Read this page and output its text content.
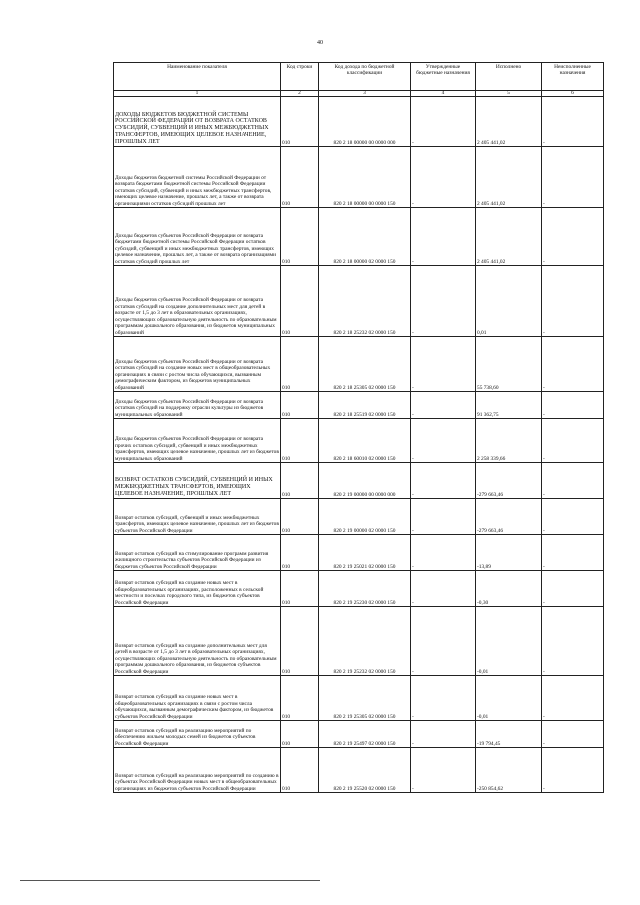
40
Наименование показателя	Код строки	Код дохода по бюджетной классификации	Утвержденные бюджетные назначения	Исполнено	Неисполненные назначения
1	2	3	4	5	6
ДОХОДЫ БЮДЖЕТОВ БЮДЖЕТНОЙ СИСТЕМЫ РОССИЙСКОЙ ФЕДЕРАЦИИ ОТ ВОЗВРАТА ОСТАТКОВ СУБСИДИЙ, СУБВЕНЦИЙ И ИНЫХ МЕЖБЮДЖЕТНЫХ ТРАНСФЕРТОВ, ИМЕЮЩИХ ЦЕЛЕВОЕ НАЗНАЧЕНИЕ, ПРОШЛЫХ ЛЕТ	010	820 2 18 00000 00 0000 000	-	2 405 441,02	-
Доходы бюджетов бюджетной системы Российской Федерации от возврата бюджетами бюджетной системы Российской Федерации остатков субсидий, субвенций и иных межбюджетных трансфертов, имеющих целевое назначение, прошлых лет, а также от возврата организациями остатков субсидий прошлых лет	010	820 2 18 00000 00 0000 150	-	2 405 441,02	-
Доходы бюджетов субъектов Российской Федерации от возврата бюджетами бюджетной системы Российской Федерации остатков субсидий, субвенций и иных межбюджетных трансфертов, имеющих целевое назначение, прошлых лет, а также от возврата организациями остатков субсидий прошлых лет	010	820 2 18 00000 02 0000 150	-	2 405 441,02	-
Доходы бюджетов субъектов Российской Федерации от возврата остатков субсидий на создание дополнительных мест для детей в возрасте от 1,5 до 3 лет в образовательных организациях, осуществляющих образовательную деятельность по образовательным программам дошкольного образования, из бюджетов муниципальных образований	010	820 2 18 25232 02 0000 150	-	0,01	-
Доходы бюджетов субъектов Российской Федерации от возврата остатков субсидий на создание новых мест в общеобразовательных организациях в связи с ростом числа обучающихся, вызванным демографическим фактором, из бюджетов муниципальных образований	010	820 2 18 25305 02 0000 150	-	55 738,60	-
Доходы бюджетов субъектов Российской Федерации от возврата остатков субсидий на поддержку отрасли культуры из бюджетов муниципальных образований	010	820 2 18 25519 02 0000 150	-	91 362,75	-
Доходы бюджетов субъектов Российской Федерации от возврата прочих остатков субсидий, субвенций и иных межбюджетных трансфертов, имеющих целевое назначение, прошлых лет из бюджетов муниципальных образований	010	820 2 18 60010 02 0000 150	-	2 258 339,66	-
ВОЗВРАТ ОСТАТКОВ СУБСИДИЙ, СУБВЕНЦИЙ И ИНЫХ МЕЖБЮДЖЕТНЫХ ТРАНСФЕРТОВ, ИМЕЮЩИХ ЦЕЛЕВОЕ НАЗНАЧЕНИЕ, ПРОШЛЫХ ЛЕТ	010	820 2 19 00000 00 0000 000	-	-279 663,46	-
Возврат остатков субсидий, субвенций и иных межбюджетных трансфертов, имеющих целевое назначение, прошлых лет из бюджетов субъектов Российской Федерации	010	820 2 19 00000 02 0000 150	-	-279 663,46	-
Возврат остатков субсидий на стимулирование программ развития жилищного строительства субъектов Российской Федерации из бюджетов субъектов Российской Федерации	010	820 2 19 25021 02 0000 150	-	-13,89	-
Возврат остатков субсидий на создание новых мест в общеобразовательных организациях, расположенных в сельской местности и поселках городского типа, из бюджетов субъектов Российской Федерации	010	820 2 19 25230 02 0000 150	-	-0,30	-
Возврат остатков субсидий на создание дополнительных мест для детей в возрасте от 1,5 до 3 лет в образовательных организациях, осуществляющих образовательную деятельность по образовательным программам дошкольного образования, из бюджетов субъектов Российской Федерации	010	820 2 19 25232 02 0000 150	-	-0,01	-
Возврат остатков субсидий на создание новых мест в общеобразовательных организациях в связи с ростом числа обучающихся, вызванным демографическим фактором, из бюджетов субъектов Российской Федерации	010	820 2 19 25305 02 0000 150	-	-0,01	-
Возврат остатков субсидий на реализацию мероприятий по обеспечению жильем молодых семей из бюджетов субъектов Российской Федерации	010	820 2 19 25497 02 0000 150	-	-19 794,45	-
Возврат остатков субсидий на реализацию мероприятий по созданию в субъектах Российской Федерации новых мест в общеобразовательных организациях из бюджетов субъектов Российской Федерации	010	820 2 19 25520 02 0000 150	-	-250 854,62	-
